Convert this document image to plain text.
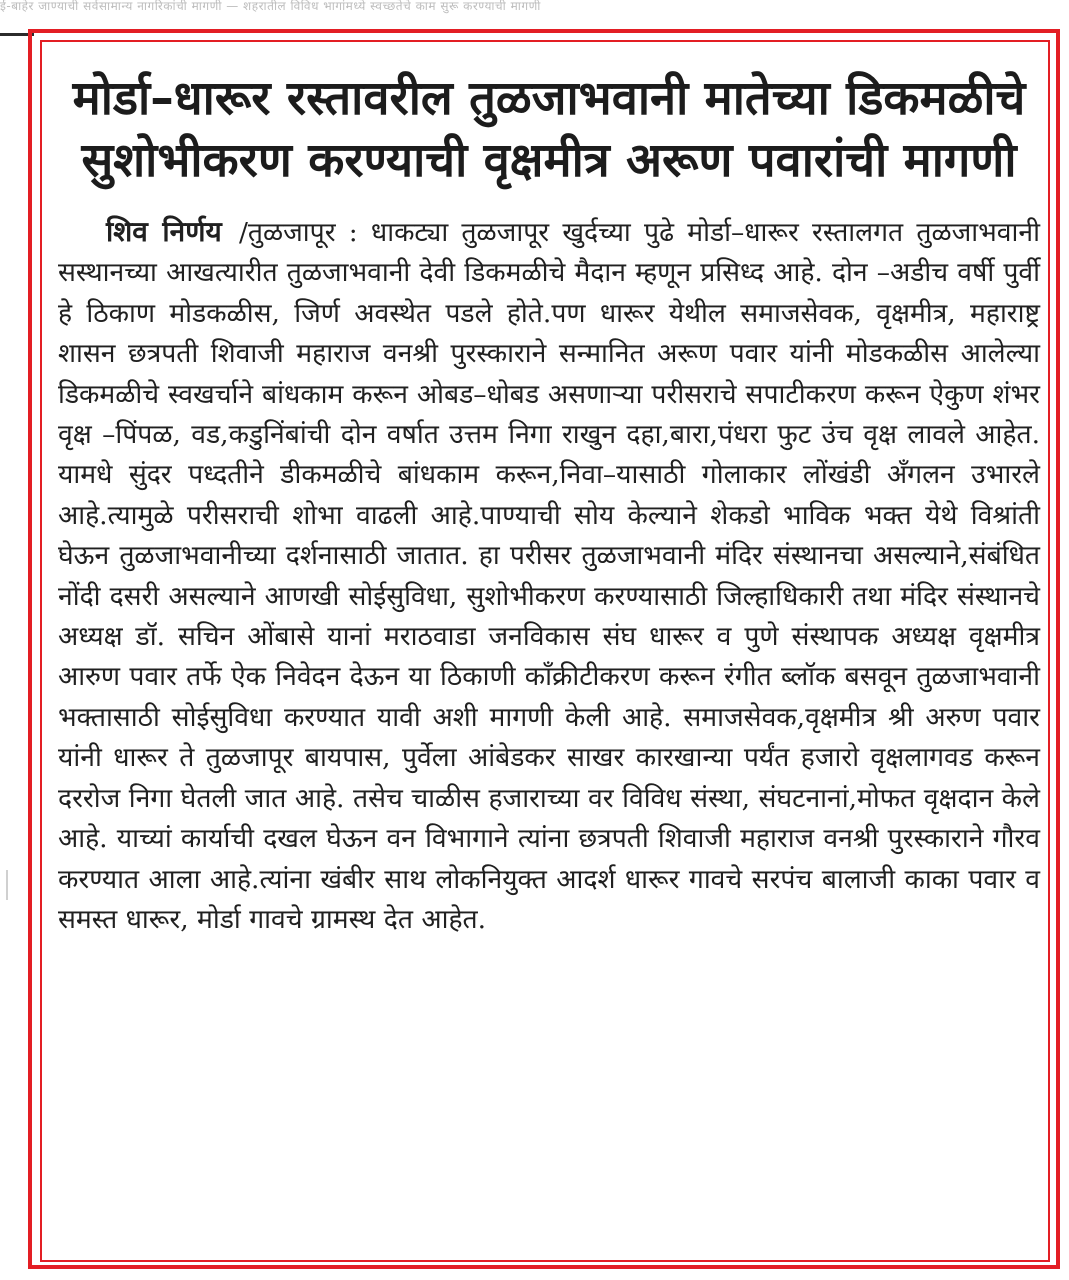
ई-बाहेर जाण्याची सर्वसामान्य नागरिकांची मागणी — शहरातील विविध भागांमध्ये स्वच्छतेचे काम सुरू करण्याची मागणी
मोर्डा–धारूर रस्तावरील तुळजाभवानी मातेच्या डिकमळीचे
सुशोभीकरण करण्याची वृक्षमीत्र अरूण पवारांची मागणी

शिव निर्णय /तुळजापूर : धाकट्या तुळजापूर खुर्दच्या पुढे मोर्डा–धारूर रस्तालगत तुळजाभवानी सस्थानच्या आखत्यारीत तुळजाभवानी देवी डिकमळीचे मैदान म्हणून प्रसिध्द आहे. दोन –अडीच वर्षी पुर्वी हे ठिकाण मोडकळीस, जिर्ण अवस्थेत पडले होते.पण धारूर येथील समाजसेवक, वृक्षमीत्र, महाराष्ट्र शासन छत्रपती शिवाजी महाराज वनश्री पुरस्काराने सन्मानित अरूण पवार यांनी मोडकळीस आलेल्या डिकमळीचे स्वखर्चाने बांधकाम करून ओबड–धोबड असणाऱ्या परीसराचे सपाटीकरण करून ऐकुण शंभर वृक्ष –पिंपळ, वड,कडुनिंबांची दोन वर्षात उत्तम निगा राखुन दहा,बारा,पंधरा फुट उंच वृक्ष लावले आहेत. यामधे सुंदर पध्दतीने डीकमळीचे बांधकाम करून,निवा–यासाठी गोलाकार लोंखंडी अँगलन उभारले आहे.त्यामुळे परीसराची शोभा वाढली आहे.पाण्याची सोय केल्याने शेकडो भाविक भक्त येथे विश्रांती घेऊन तुळजाभवानीच्या दर्शनासाठी जातात. हा परीसर तुळजाभवानी मंदिर संस्थानचा असल्याने,संबंधित नोंदी दसरी असल्याने आणखी सोईसुविधा, सुशोभीकरण करण्यासाठी जिल्हाधिकारी तथा मंदिर संस्थानचे अध्यक्ष डॉ. सचिन ओंबासे यानां मराठवाडा जनविकास संघ धारूर व पुणे संस्थापक अध्यक्ष वृक्षमीत्र आरुण पवार तर्फे ऐक निवेदन देऊन या ठिकाणी काँक्रीटीकरण करून रंगीत ब्लॉक बसवून तुळजाभवानी भक्तासाठी सोईसुविधा करण्यात यावी अशी मागणी केली आहे. समाजसेवक,वृक्षमीत्र श्री अरुण पवार यांनी धारूर ते तुळजापूर बायपास, पुर्वेला आंबेडकर साखर कारखान्या पर्यंत हजारो वृक्षलागवड करून दररोज निगा घेतली जात आहे. तसेच चाळीस हजाराच्या वर विविध संस्था, संघटनानां,मोफत वृक्षदान केले आहे. याच्यां कार्याची दखल घेऊन वन विभागाने त्यांना छत्रपती शिवाजी महाराज वनश्री पुरस्काराने गौरव करण्यात आला आहे.त्यांना खंबीर साथ लोकनियुक्त आदर्श धारूर गावचे सरपंच बालाजी काका पवार व समस्त धारूर, मोर्डा गावचे ग्रामस्थ देत आहेत.
